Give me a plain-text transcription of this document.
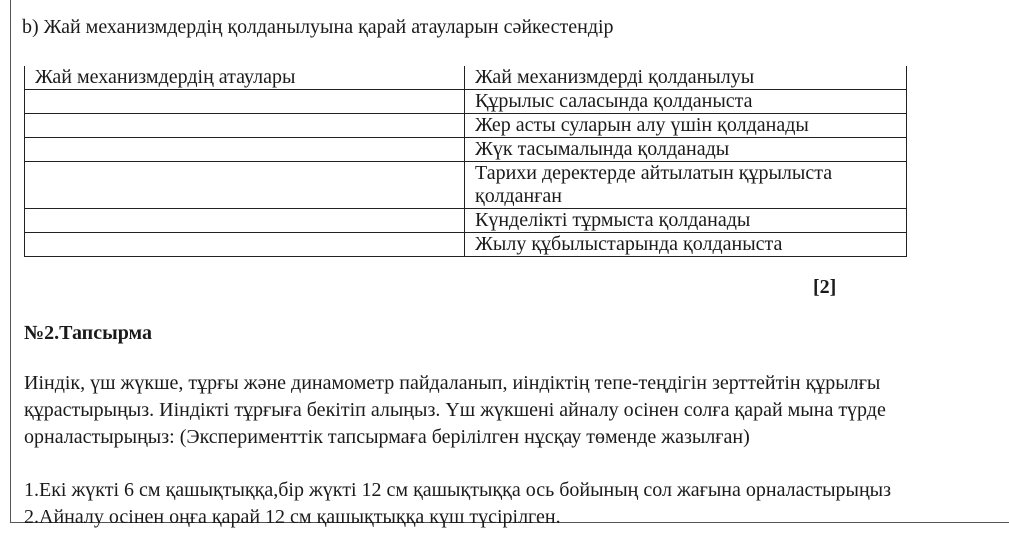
b) Жай механизмдердің қолданылуына қарай атауларын сәйкестендір
Жай механизмдердің атаулары	Жай механизмдерді қолданылуы
	Құрылыс саласында қолданыста
	Жер асты суларын алу үшін қолданады
	Жүк тасымалында қолданады
	Тарихи деректерде айтылатын құрылыста қолданған
	Күнделікті тұрмыста қолданады
	Жылу құбылыстарында қолданыста
[2]
№2.Тапсырма
Иіндік, үш жүкше, тұрғы және динамометр пайдаланып, иіндіктің тепе-теңдігін зерттейтін құрылғы
құрастырыңыз. Иіндікті тұрғыға бекітіп алыңыз. Үш жүкшені айналу осінен солға қарай мына түрде
орналастырыңыз: (Эксперименттік тапсырмаға берілілген нұсқау төменде жазылған)
1.Екі жүкті 6 см қашықтыққа,бір жүкті 12 см қашықтыққа ось бойының сол жағына орналастырыңыз
2.Айналу осінен оңға қарай 12 см қашықтыққа күш түсірілген.
